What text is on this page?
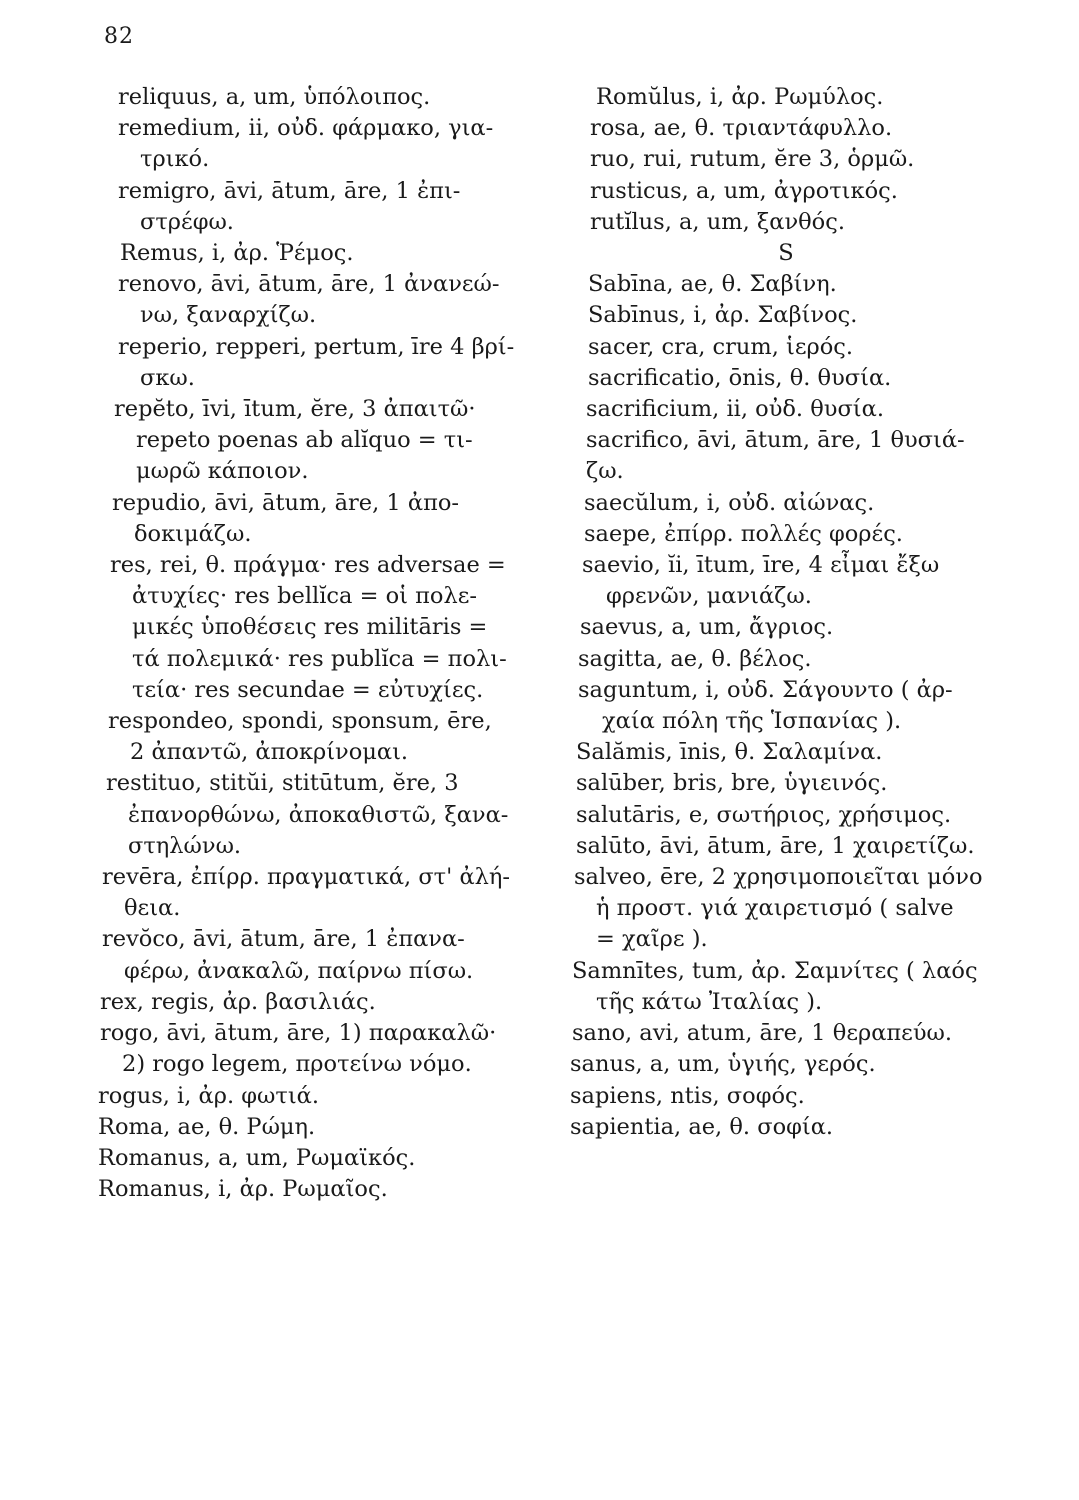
82
reliquus, a, um, ὑπόλοιπος.
remedium, ii, οὐδ. φάρμακο, για-
τρικό.
remigro, āvi, ātum, āre, 1 ἐπι-
στρέφω.
Remus, i, ἀρ. Ῥέμος.
renovo, āvi, ātum, āre, 1 ἀνανεώ-
νω, ξαναρχίζω.
reperio, repperi, pertum, īre 4 βρί-
σκω.
repĕto, īvi, ītum, ĕre, 3 ἀπαιτῶ·
repeto poenas ab alĭquo = τι-
μωρῶ κάποιον.
repudio, āvi, ātum, āre, 1 ἀπο-
δοκιμάζω.
res, rei, θ. πράγμα· res adversae =
ἀτυχίες· res bellĭca = οἱ πολε-
μικές ὑποθέσεις res militāris =
τά πολεμικά· res publĭca = πολι-
τεία· res secundae = εὐτυχίες.
respondeo, spondi, sponsum, ēre,
2 ἀπαντῶ, ἀποκρίνομαι.
restituo, stitŭi, stitūtum, ĕre, 3
ἐπανορθώνω, ἀποκαθιστῶ, ξανα-
στηλώνω.
revēra, ἐπίρρ. πραγματικά, στ' ἀλή-
θεια.
revŏco, āvi, ātum, āre, 1 ἐπανα-
φέρω, ἀνακαλῶ, παίρνω πίσω.
rex, regis, ἀρ. βασιλιάς.
rogo, āvi, ātum, āre, 1) παρακαλῶ·
2) rogo legem, προτείνω νόμο.
rogus, i, ἀρ. φωτιά.
Roma, ae, θ. Ρώμη.
Romanus, a, um, Ρωμαϊκός.
Romanus, i, ἀρ. Ρωμαῖος.
Romŭlus, i, ἀρ. Ρωμύλος.
rosa, ae, θ. τριαντάφυλλο.
ruo, rui, rutum, ĕre 3, ὁρμῶ.
rusticus, a, um, ἀγροτικός.
rutĭlus, a, um, ξανθός.
S
Sabīna, ae, θ. Σαβίνη.
Sabīnus, i, ἀρ. Σαβίνος.
sacer, cra, crum, ἱερός.
sacrificatio, ōnis, θ. θυσία.
sacrificium, ii, οὐδ. θυσία.
sacrifico, āvi, ātum, āre, 1 θυσιά-
ζω.
saecŭlum, i, οὐδ. αἰώνας.
saepe, ἐπίρρ. πολλές φορές.
saevio, ĭi, ītum, īre, 4 εἶμαι ἔξω
φρενῶν, μανιάζω.
saevus, a, um, ἄγριος.
sagitta, ae, θ. βέλος.
saguntum, i, οὐδ. Σάγουντο ( ἀρ-
χαία πόλη τῆς Ἱσπανίας ).
Salămis, īnis, θ. Σαλαμίνα.
salūber, bris, bre, ὑγιεινός.
salutāris, e, σωτήριος, χρήσιμος.
salūto, āvi, ātum, āre, 1 χαιρετίζω.
salveo, ēre, 2 χρησιμοποιεῖται μόνο
ἡ προστ. γιά χαιρετισμό ( salve
= χαῖρε ).
Samnītes, tum, ἀρ. Σαμνίτες ( λαός
τῆς κάτω Ἰταλίας ).
sano, avi, atum, āre, 1 θεραπεύω.
sanus, a, um, ὑγιής, γερός.
sapiens, ntis, σοφός.
sapientia, ae, θ. σοφία.
